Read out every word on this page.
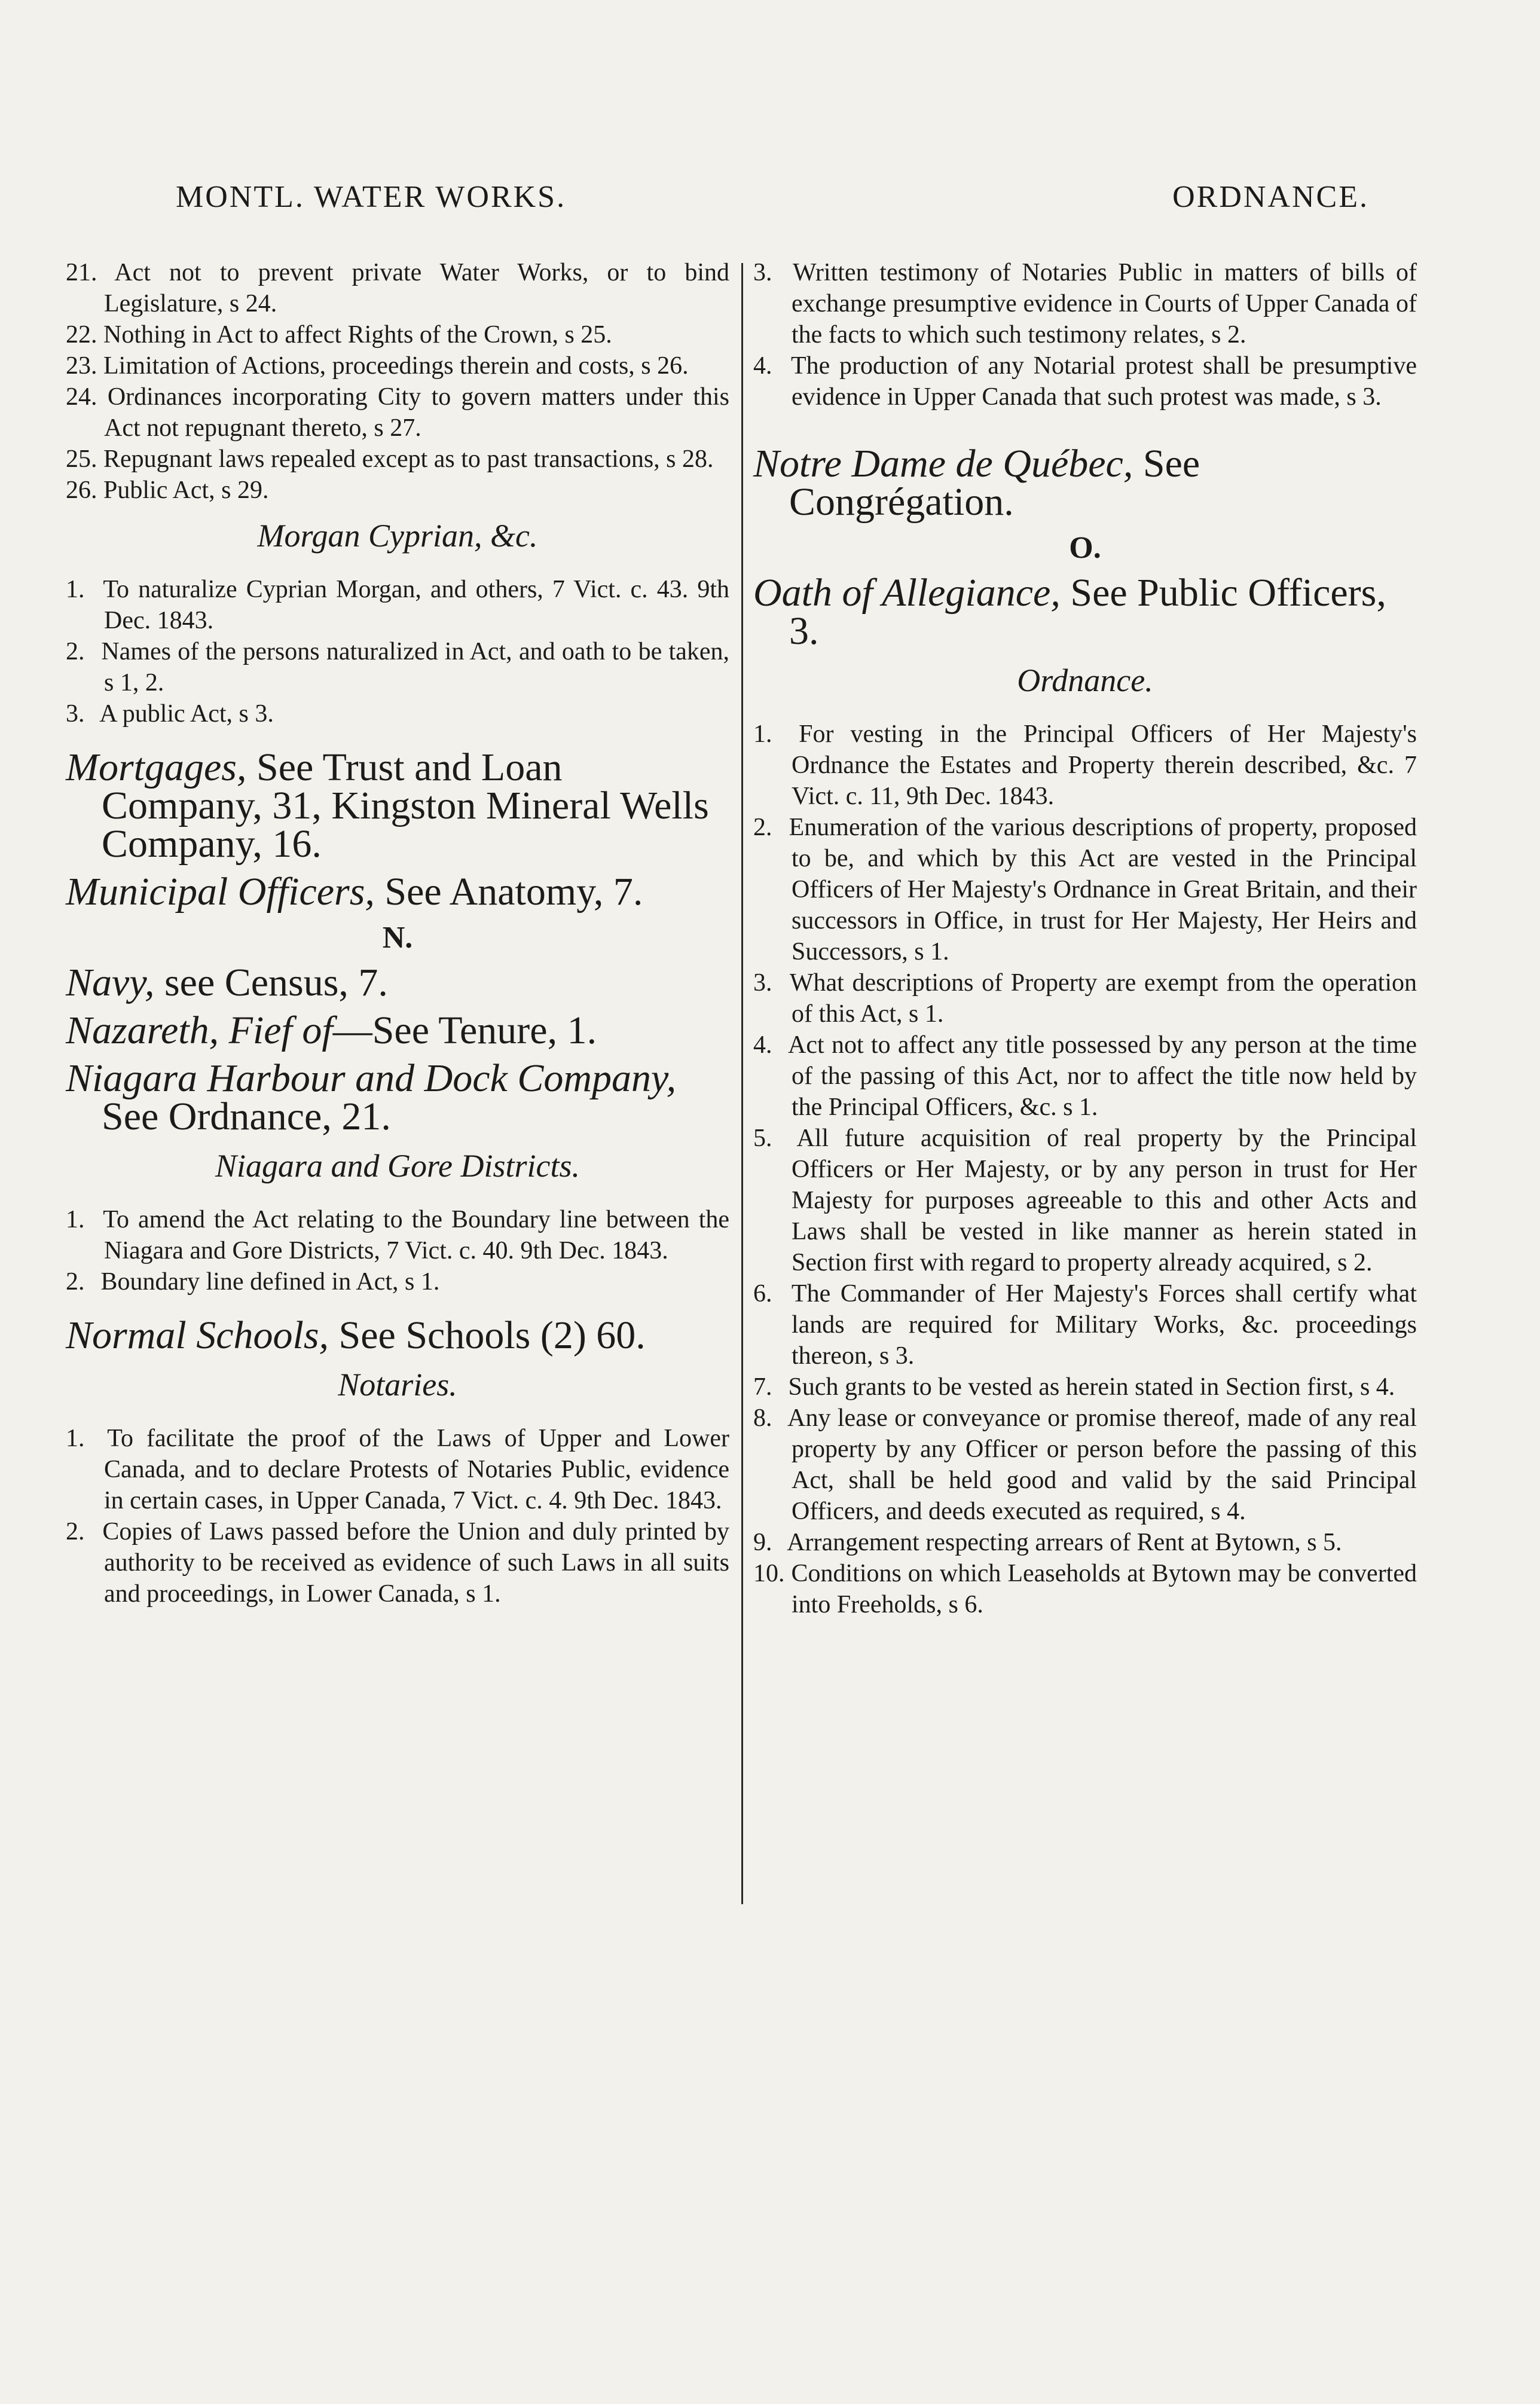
MONTL. WATER WORKS.	ORDNANCE.
21. Act not to prevent private Water Works, or to bind Legislature, s 24.
22. Nothing in Act to affect Rights of the Crown, s 25.
23. Limitation of Actions, proceedings therein and costs, s 26.
24. Ordinances incorporating City to govern matters under this Act not repugnant thereto, s 27.
25. Repugnant laws repealed except as to past transactions, s 28.
26. Public Act, s 29.
Morgan Cyprian, &c.
1. To naturalize Cyprian Morgan, and others, 7 Vict. c. 43. 9th Dec. 1843.
2. Names of the persons naturalized in Act, and oath to be taken, s 1, 2.
3. A public Act, s 3.
Mortgages, See Trust and Loan Company, 31, Kingston Mineral Wells Company, 16.
Municipal Officers, See Anatomy, 7.
N.
Navy, see Census, 7.
Nazareth, Fief of—See Tenure, 1.
Niagara Harbour and Dock Company, See Ordnance, 21.
Niagara and Gore Districts.
1. To amend the Act relating to the Boundary line between the Niagara and Gore Districts, 7 Vict. c. 40. 9th Dec. 1843.
2. Boundary line defined in Act, s 1.
Normal Schools, See Schools (2) 60.
Notaries.
1. To facilitate the proof of the Laws of Upper and Lower Canada, and to declare Protests of Notaries Public, evidence in certain cases, in Upper Canada, 7 Vict. c. 4. 9th Dec. 1843.
2. Copies of Laws passed before the Union and duly printed by authority to be received as evidence of such Laws in all suits and proceedings, in Lower Canada, s 1.
3. Written testimony of Notaries Public in matters of bills of exchange presumptive evidence in Courts of Upper Canada of the facts to which such testimony relates, s 2.
4. The production of any Notarial protest shall be presumptive evidence in Upper Canada that such protest was made, s 3.
Notre Dame de Québec, See Congrégation.
O.
Oath of Allegiance, See Public Officers, 3.
Ordnance.
1. For vesting in the Principal Officers of Her Majesty's Ordnance the Estates and Property therein described, &c. 7 Vict. c. 11, 9th Dec. 1843.
2. Enumeration of the various descriptions of property, proposed to be, and which by this Act are vested in the Principal Officers of Her Majesty's Ordnance in Great Britain, and their successors in Office, in trust for Her Majesty, Her Heirs and Successors, s 1.
3. What descriptions of Property are exempt from the operation of this Act, s 1.
4. Act not to affect any title possessed by any person at the time of the passing of this Act, nor to affect the title now held by the Principal Officers, &c. s 1.
5. All future acquisition of real property by the Principal Officers or Her Majesty, or by any person in trust for Her Majesty for purposes agreeable to this and other Acts and Laws shall be vested in like manner as herein stated in Section first with regard to property already acquired, s 2.
6. The Commander of Her Majesty's Forces shall certify what lands are required for Military Works, &c. proceedings thereon, s 3.
7. Such grants to be vested as herein stated in Section first, s 4.
8. Any lease or conveyance or promise thereof, made of any real property by any Officer or person before the passing of this Act, shall be held good and valid by the said Principal Officers, and deeds executed as required, s 4.
9. Arrangement respecting arrears of Rent at Bytown, s 5.
10. Conditions on which Leaseholds at Bytown may be converted into Freeholds, s 6.
